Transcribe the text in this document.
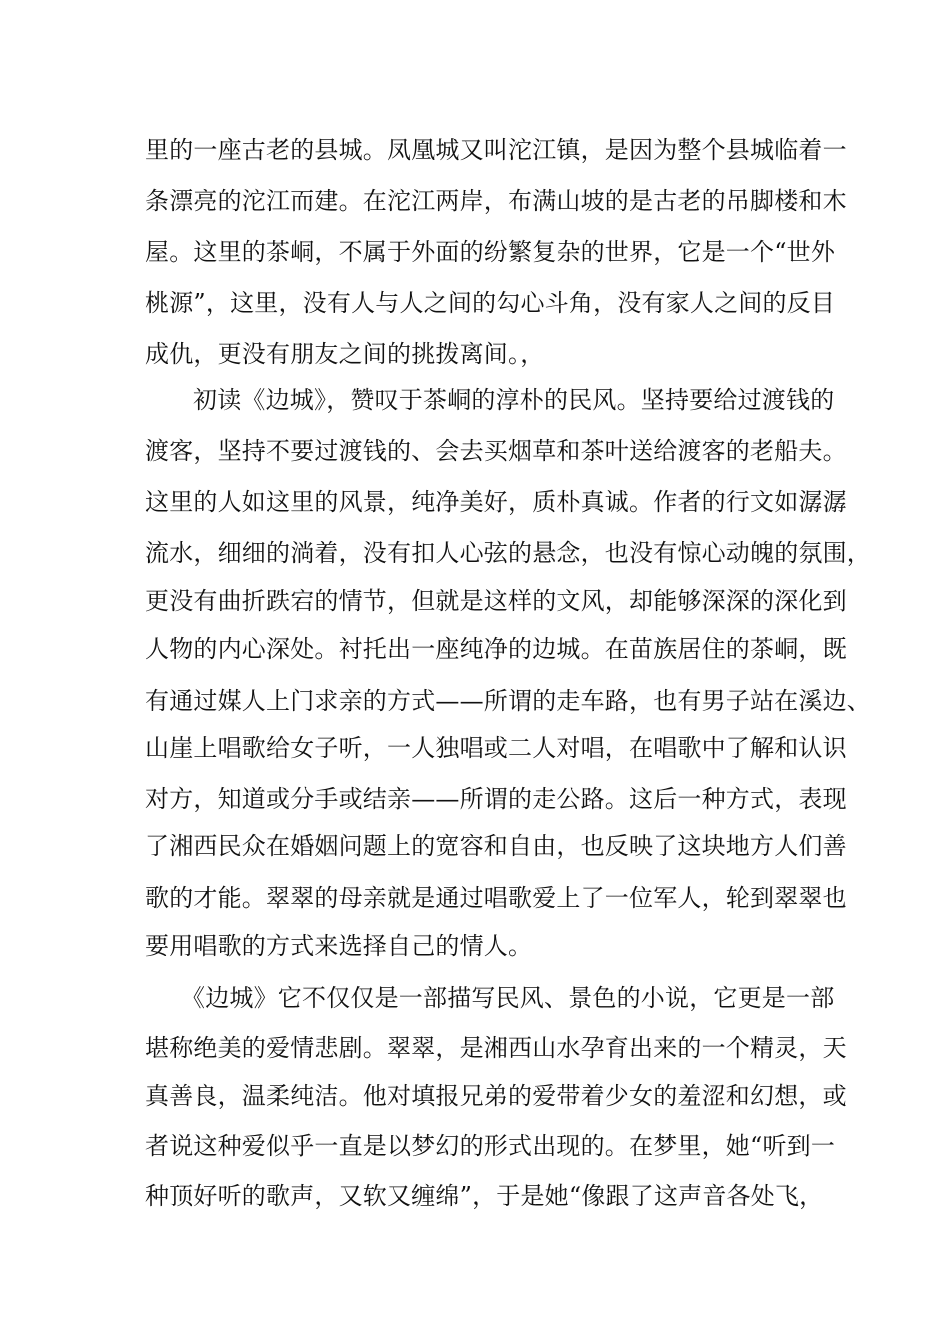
里的一座古老的县城。凤凰城又叫沱江镇，是因为整个县城临着一
条漂亮的沱江而建。在沱江两岸，布满山坡的是古老的吊脚楼和木
屋。这里的茶峒，不属于外面的纷繁复杂的世界，它是一个“世外
桃源”，这里，没有人与人之间的勾心斗角，没有家人之间的反目
成仇，更没有朋友之间的挑拨离间。，
初读《边城》，赞叹于茶峒的淳朴的民风。坚持要给过渡钱的
渡客，坚持不要过渡钱的、会去买烟草和茶叶送给渡客的老船夫。
这里的人如这里的风景，纯净美好，质朴真诚。作者的行文如潺潺
流水，细细的淌着，没有扣人心弦的悬念，也没有惊心动魄的氛围，
更没有曲折跌宕的情节，但就是这样的文风，却能够深深的深化到
人物的内心深处。衬托出一座纯净的边城。在苗族居住的茶峒，既
有通过媒人上门求亲的方式——所谓的走车路，也有男子站在溪边、
山崖上唱歌给女子听，一人独唱或二人对唱，在唱歌中了解和认识
对方，知道或分手或结亲——所谓的走公路。这后一种方式，表现
了湘西民众在婚姻问题上的宽容和自由，也反映了这块地方人们善
歌的才能。翠翠的母亲就是通过唱歌爱上了一位军人，轮到翠翠也
要用唱歌的方式来选择自己的情人。
《边城》它不仅仅是一部描写民风、景色的小说，它更是一部
堪称绝美的爱情悲剧。翠翠，是湘西山水孕育出来的一个精灵，天
真善良，温柔纯洁。他对填报兄弟的爱带着少女的羞涩和幻想，或
者说这种爱似乎一直是以梦幻的形式出现的。在梦里，她“听到一
种顶好听的歌声，又软又缠绵”，于是她“像跟了这声音各处飞，
